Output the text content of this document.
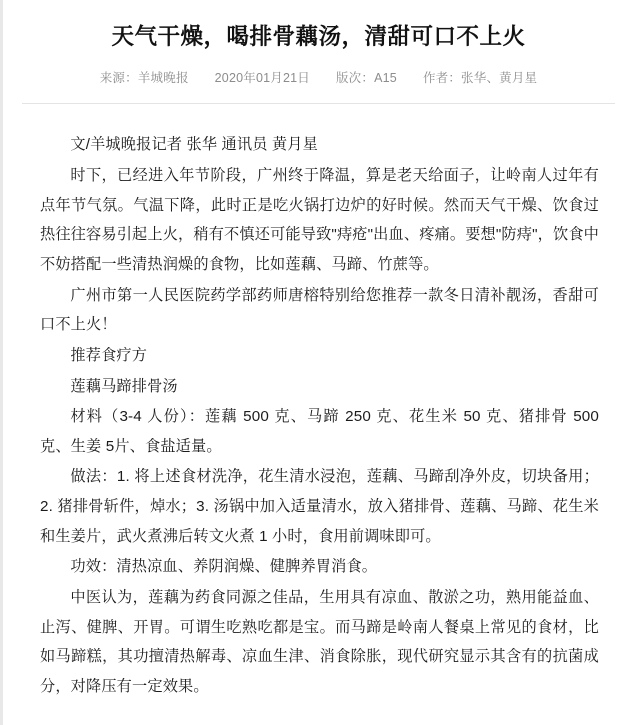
天气干燥，喝排骨藕汤，清甜可口不上火
来源：羊城晚报 2020年01月21日 版次：A15 作者：张华、黄月星

文/羊城晚报记者 张华 通讯员 黄月星

时下，已经进入年节阶段，广州终于降温，算是老天给面子，让岭南人过年有点年节气氛。气温下降，此时正是吃火锅打边炉的好时候。然而天气干燥、饮食过热往往容易引起上火，稍有不慎还可能导致"痔疮"出血、疼痛。要想"防痔"，饮食中不妨搭配一些清热润燥的食物，比如莲藕、马蹄、竹蔗等。

广州市第一人民医院药学部药师唐榕特别给您推荐一款冬日清补靓汤，香甜可口不上火！

推荐食疗方

莲藕马蹄排骨汤

材料（3-4 人份）：莲藕 500 克、马蹄 250 克、花生米 50 克、猪排骨 500 克、生姜 5片、食盐适量。

做法：1. 将上述食材洗净，花生清水浸泡，莲藕、马蹄刮净外皮，切块备用；2. 猪排骨斩件，焯水；3. 汤锅中加入适量清水，放入猪排骨、莲藕、马蹄、花生米和生姜片，武火煮沸后转文火煮 1 小时，食用前调味即可。

功效：清热凉血、养阴润燥、健脾养胃消食。

中医认为，莲藕为药食同源之佳品，生用具有凉血、散淤之功，熟用能益血、止泻、健脾、开胃。可谓生吃熟吃都是宝。而马蹄是岭南人餐桌上常见的食材，比如马蹄糕，其功擅清热解毒、凉血生津、消食除胀，现代研究显示其含有的抗菌成分，对降压有一定效果。
